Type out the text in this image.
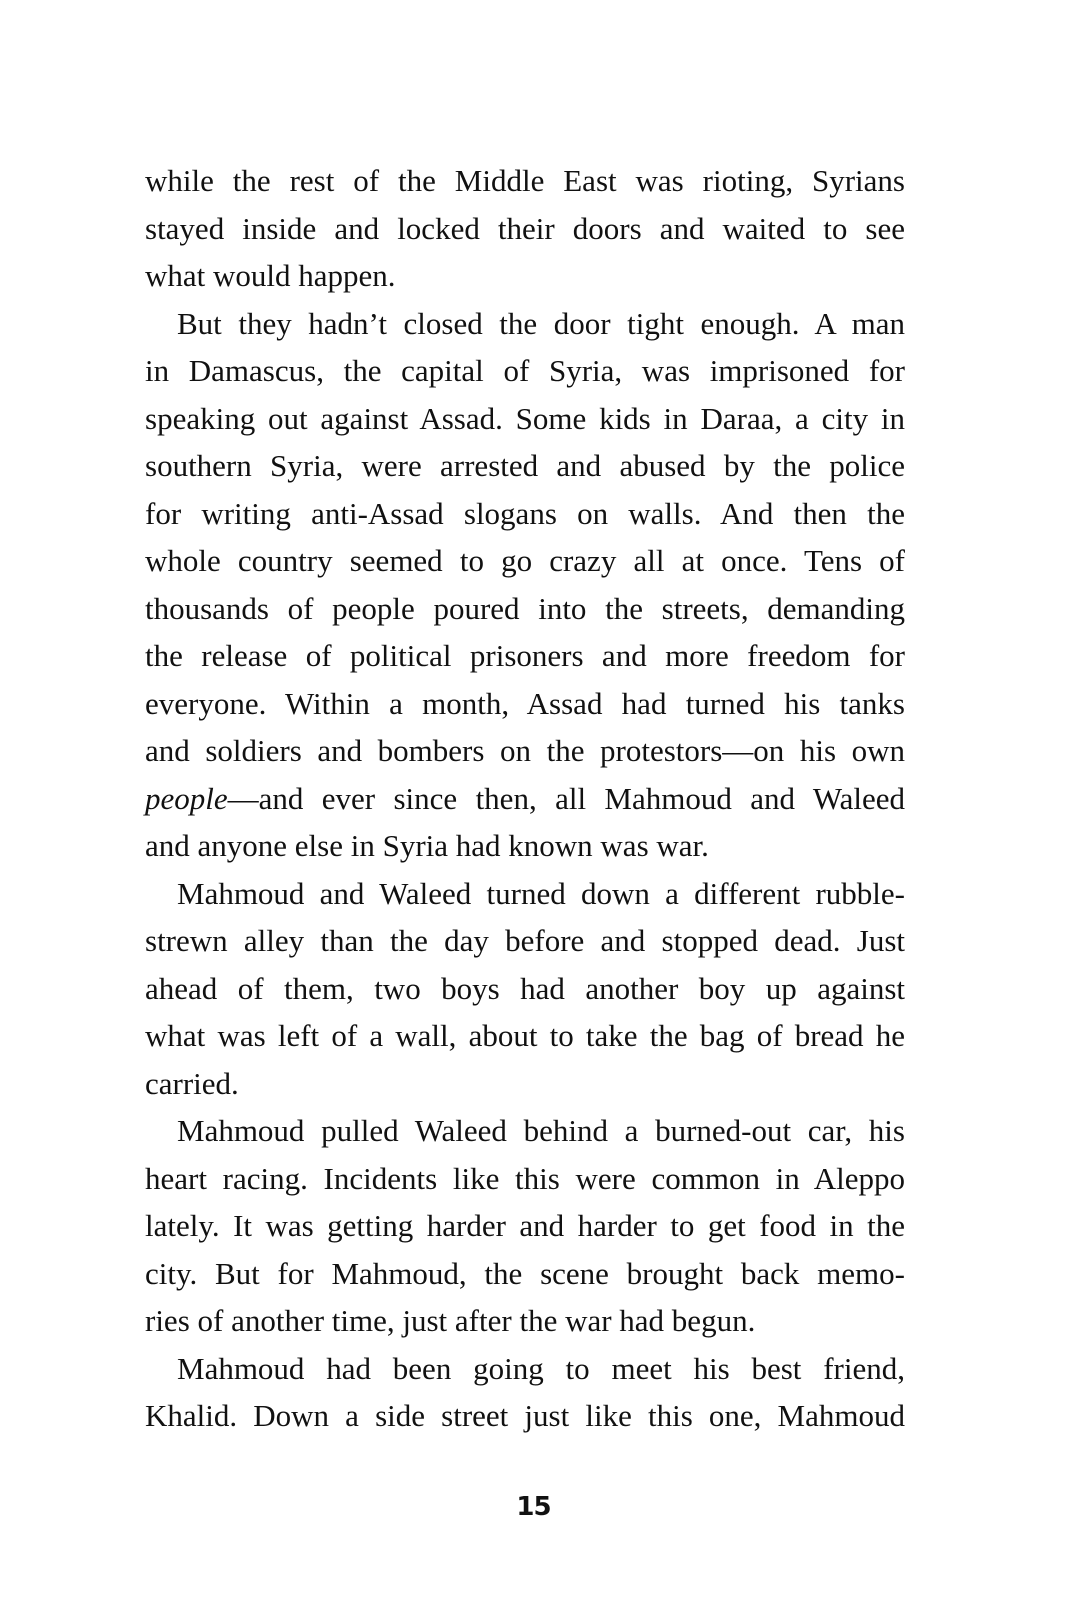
while the rest of the Middle East was rioting, Syrians
stayed inside and locked their doors and waited to see
what would happen.
But they hadn’t closed the door tight enough. A man
in Damascus, the capital of Syria, was imprisoned for
speaking out against Assad. Some kids in Daraa, a city in
southern Syria, were arrested and abused by the police
for writing anti-Assad slogans on walls. And then the
whole country seemed to go crazy all at once. Tens of
thousands of people poured into the streets, demanding
the release of political prisoners and more freedom for
everyone. Within a month, Assad had turned his tanks
and soldiers and bombers on the protestors—on his own
people—and ever since then, all Mahmoud and Waleed
and anyone else in Syria had known was war.
Mahmoud and Waleed turned down a different rubble-
strewn alley than the day before and stopped dead. Just
ahead of them, two boys had another boy up against
what was left of a wall, about to take the bag of bread he
carried.
Mahmoud pulled Waleed behind a burned-out car, his
heart racing. Incidents like this were common in Aleppo
lately. It was getting harder and harder to get food in the
city. But for Mahmoud, the scene brought back memo-
ries of another time, just after the war had begun.
Mahmoud had been going to meet his best friend,
Khalid. Down a side street just like this one, Mahmoud
15
